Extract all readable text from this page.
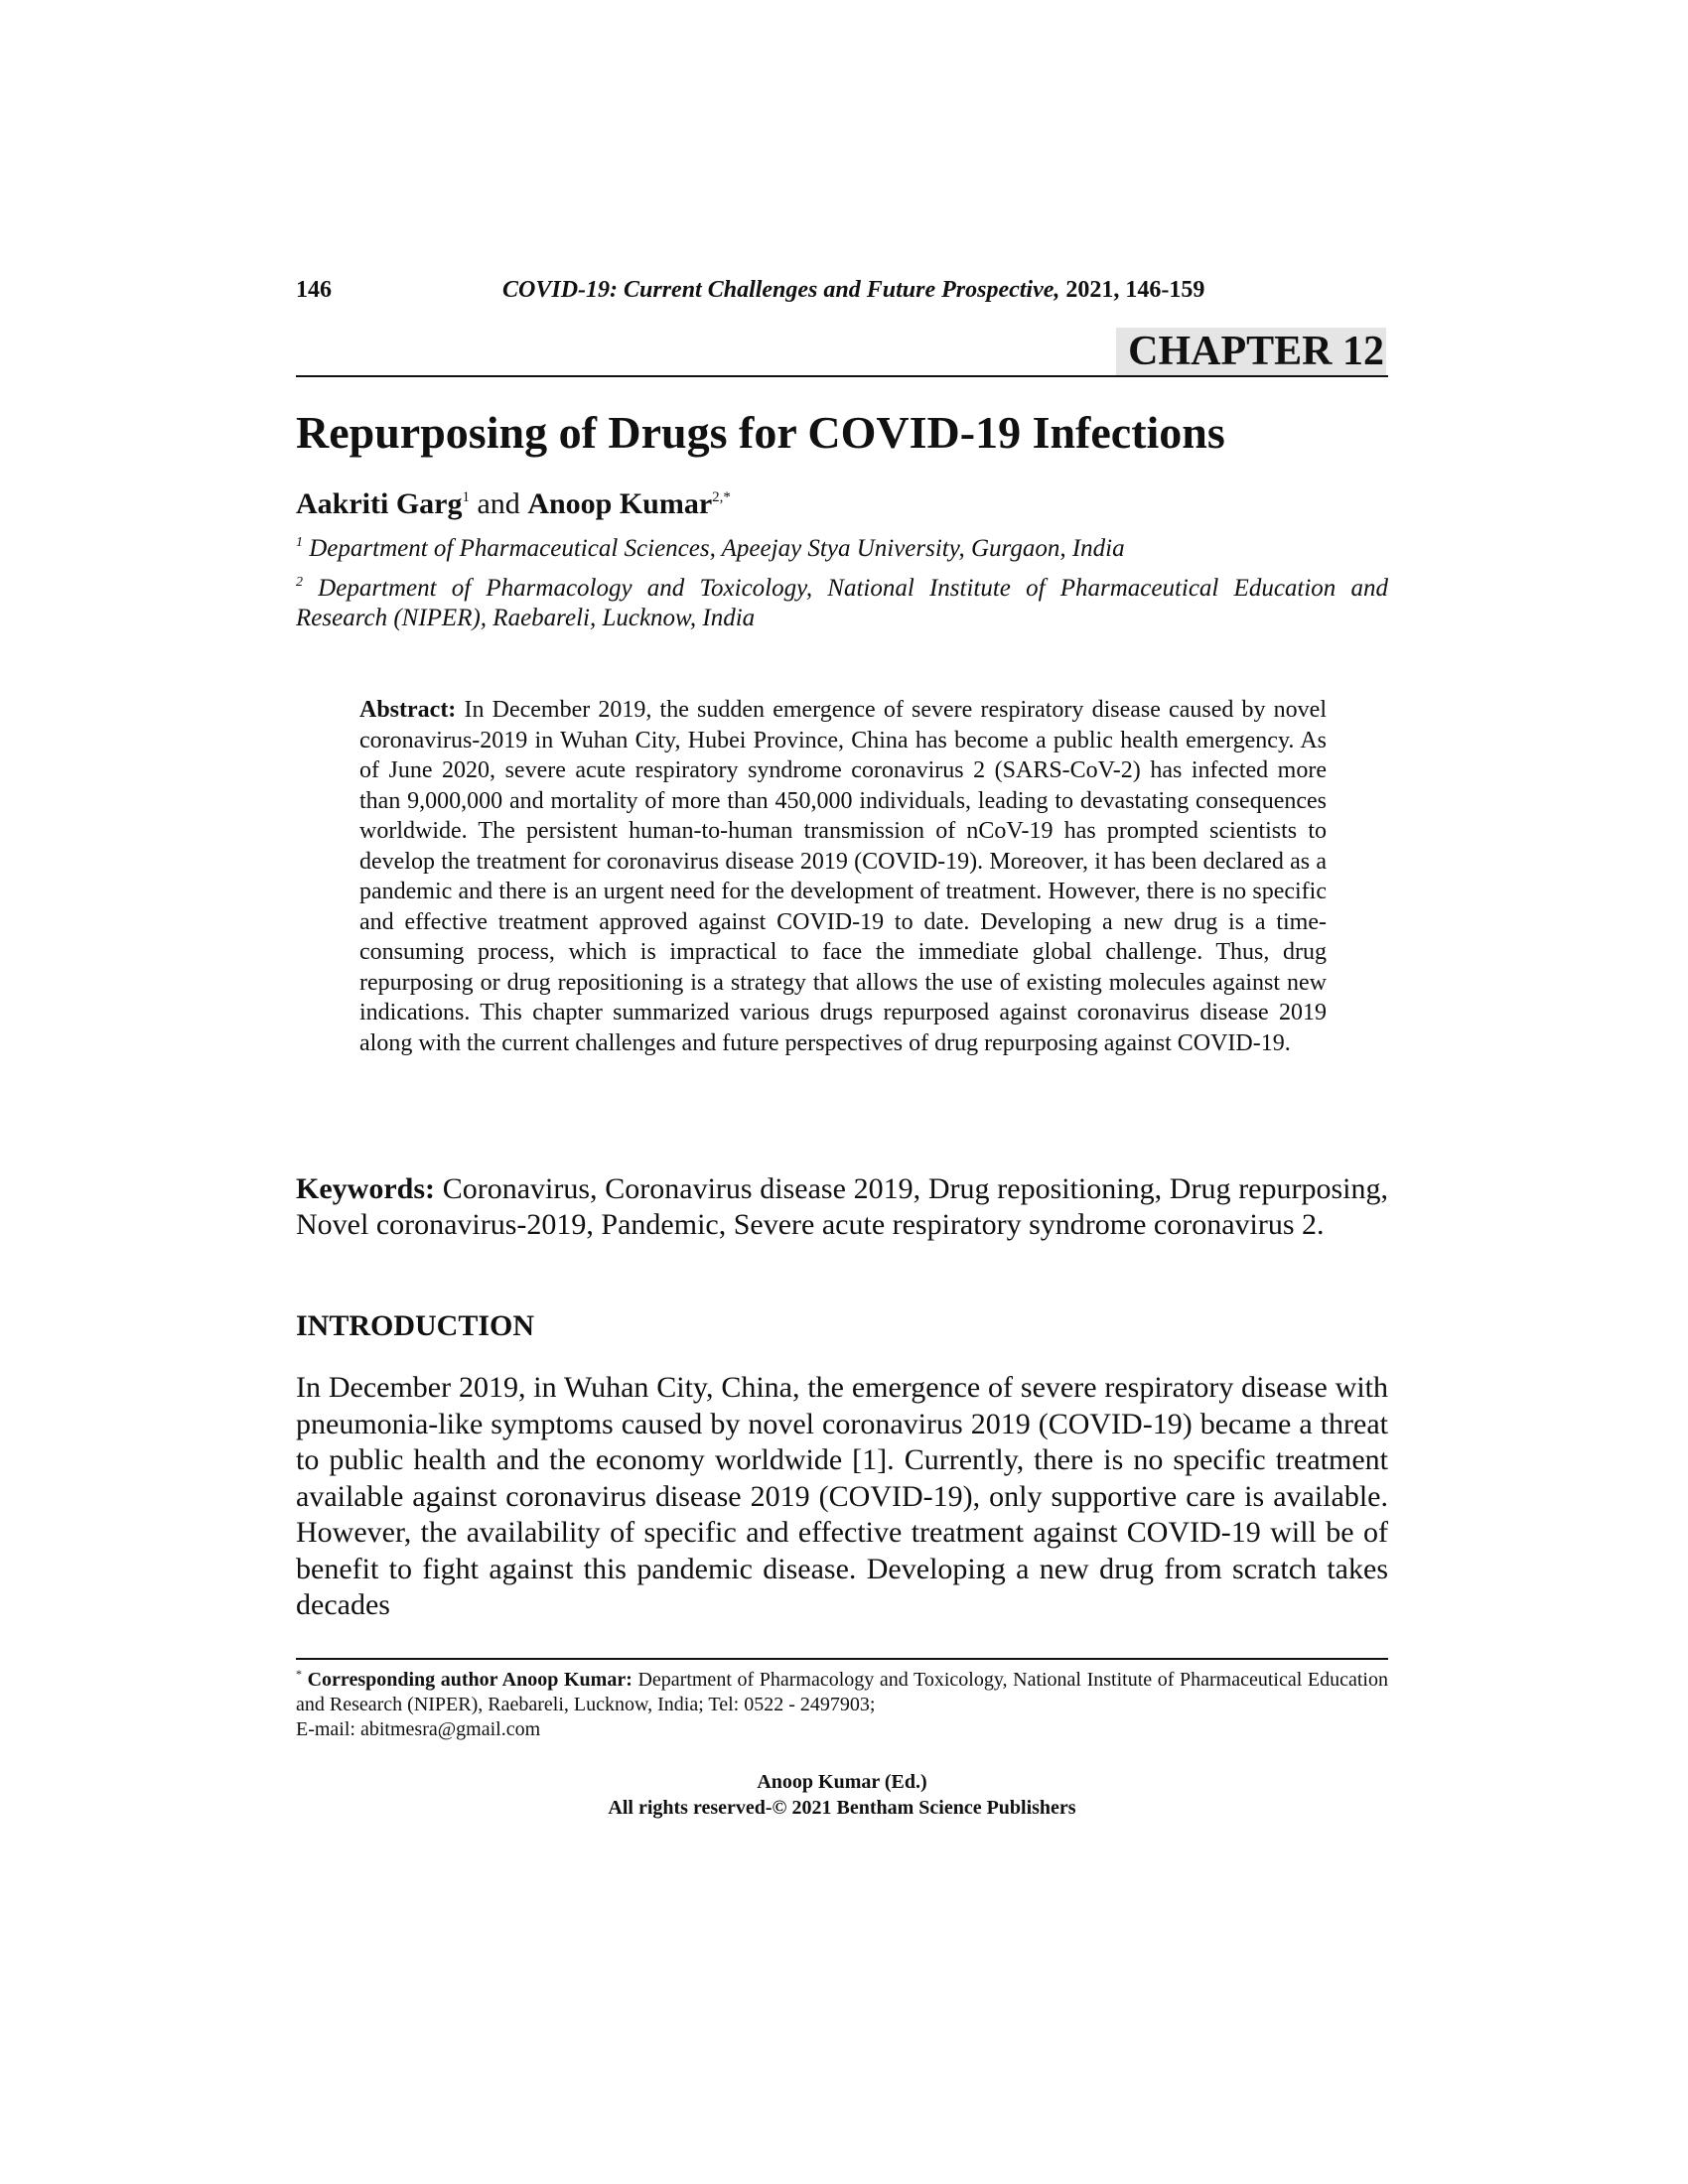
146	COVID-19: Current Challenges and Future Prospective, 2021, 146-159
CHAPTER 12
Repurposing of Drugs for COVID-19 Infections
Aakriti Garg$^1$ and Anoop Kumar$^{2,*}$
$^1$ Department of Pharmaceutical Sciences, Apeejay Stya University, Gurgaon, India
$^2$ Department of Pharmacology and Toxicology, National Institute of Pharmaceutical Education and Research (NIPER), Raebareli, Lucknow, India
Abstract: In December 2019, the sudden emergence of severe respiratory disease caused by novel coronavirus-2019 in Wuhan City, Hubei Province, China has become a public health emergency. As of June 2020, severe acute respiratory syndrome coronavirus 2 (SARS-CoV-2) has infected more than 9,000,000 and mortality of more than 450,000 individuals, leading to devastating consequences worldwide. The persistent human-to-human transmission of nCoV-19 has prompted scientists to develop the treatment for coronavirus disease 2019 (COVID-19). Moreover, it has been declared as a pandemic and there is an urgent need for the development of treatment. However, there is no specific and effective treatment approved against COVID-19 to date. Developing a new drug is a time-consuming process, which is impractical to face the immediate global challenge. Thus, drug repurposing or drug repositioning is a strategy that allows the use of existing molecules against new indications. This chapter summarized various drugs repurposed against coronavirus disease 2019 along with the current challenges and future perspectives of drug repurposing against COVID-19.
Keywords: Coronavirus, Coronavirus disease 2019, Drug repositioning, Drug repurposing, Novel coronavirus-2019, Pandemic, Severe acute respiratory syndrome coronavirus 2.
INTRODUCTION
In December 2019, in Wuhan City, China, the emergence of severe respiratory disease with pneumonia-like symptoms caused by novel coronavirus 2019 (COVID-19) became a threat to public health and the economy worldwide [1]. Currently, there is no specific treatment available against coronavirus disease 2019 (COVID-19), only supportive care is available. However, the availability of specific and effective treatment against COVID-19 will be of benefit to fight against this pandemic disease. Developing a new drug from scratch takes decades
* Corresponding author Anoop Kumar: Department of Pharmacology and Toxicology, National Institute of Pharmaceutical Education and Research (NIPER), Raebareli, Lucknow, India; Tel: 0522 - 2497903;
E-mail: abitmesra@gmail.com
Anoop Kumar (Ed.)
All rights reserved-© 2021 Bentham Science Publishers
